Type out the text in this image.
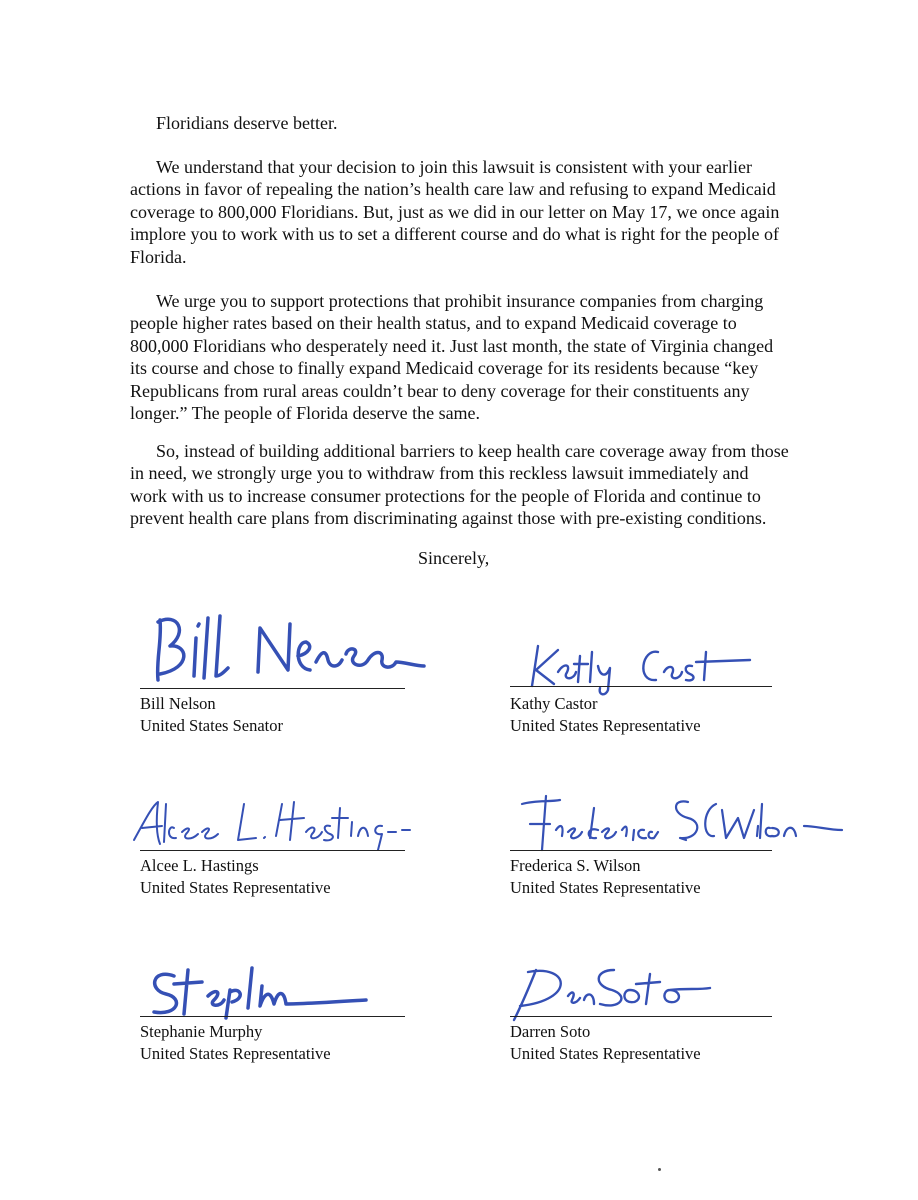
Floridians deserve better.

We understand that your decision to join this lawsuit is consistent with your earlier actions in favor of repealing the nation’s health care law and refusing to expand Medicaid coverage to 800,000 Floridians. But, just as we did in our letter on May 17, we once again implore you to work with us to set a different course and do what is right for the people of Florida.

We urge you to support protections that prohibit insurance companies from charging people higher rates based on their health status, and to expand Medicaid coverage to 800,000 Floridians who desperately need it. Just last month, the state of Virginia changed its course and chose to finally expand Medicaid coverage for its residents because “key Republicans from rural areas couldn’t bear to deny coverage for their constituents any longer.” The people of Florida deserve the same.

So, instead of building additional barriers to keep health care coverage away from those in need, we strongly urge you to withdraw from this reckless lawsuit immediately and work with us to increase consumer protections for the people of Florida and continue to prevent health care plans from discriminating against those with pre-existing conditions.

Sincerely,

Bill Nelson
United States Senator
Kathy Castor
United States Representative
Alcee L. Hastings
United States Representative
Frederica S. Wilson
United States Representative
Stephanie Murphy
United States Representative
Darren Soto
United States Representative
